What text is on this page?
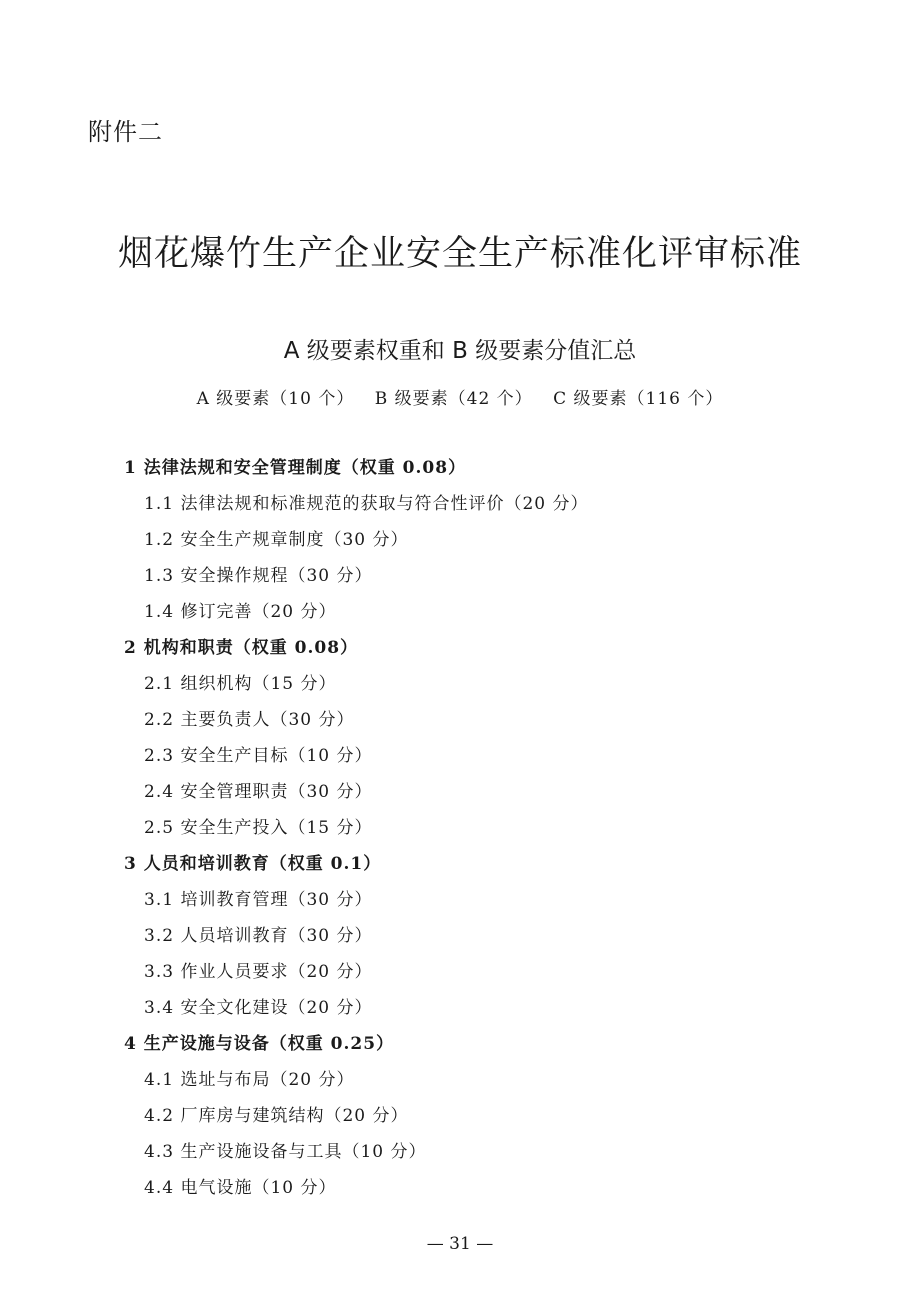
附件二
烟花爆竹生产企业安全生产标准化评审标准
A 级要素权重和 B 级要素分值汇总
A 级要素（10 个） B 级要素（42 个） C 级要素（116 个）
1 法律法规和安全管理制度（权重 0.08）
1.1 法律法规和标准规范的获取与符合性评价（20 分）
1.2 安全生产规章制度（30 分）
1.3 安全操作规程（30 分）
1.4 修订完善（20 分）
2 机构和职责（权重 0.08）
2.1 组织机构（15 分）
2.2 主要负责人（30 分）
2.3 安全生产目标（10 分）
2.4 安全管理职责（30 分）
2.5 安全生产投入（15 分）
3 人员和培训教育（权重 0.1）
3.1 培训教育管理（30 分）
3.2 人员培训教育（30 分）
3.3 作业人员要求（20 分）
3.4 安全文化建设（20 分）
4 生产设施与设备（权重 0.25）
4.1 选址与布局（20 分）
4.2 厂库房与建筑结构（20 分）
4.3 生产设施设备与工具（10 分）
4.4 电气设施（10 分）
— 31 —
